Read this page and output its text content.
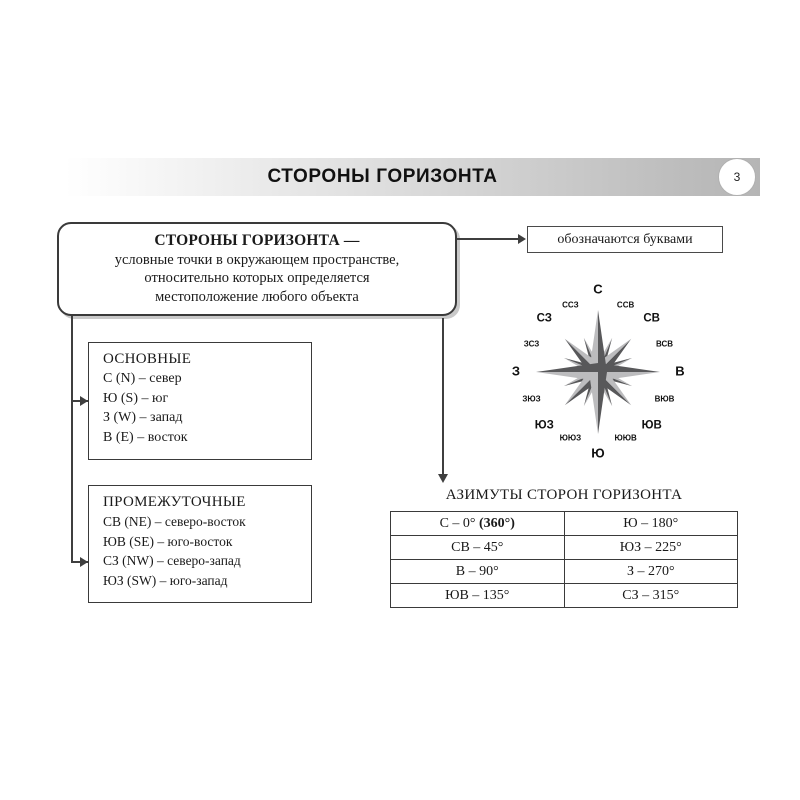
СТОРОНЫ ГОРИЗОНТА	3
СТОРОНЫ ГОРИЗОНТА —
условные точки в окружающем пространстве,
относительно которых определяется
местоположение любого объекта
обозначаются буквами
ОСНОВНЫЕ
С (N) – север
Ю (S) – юг
З (W) – запад
В (E) – восток
ПРОМЕЖУТОЧНЫЕ
СВ (NE) – северо-восток
ЮВ (SE) – юго-восток
СЗ (NW) – северо-запад
ЮЗ (SW) – юго-запад
С
В
Ю
З
СВ
ЮВ
ЮЗ
СЗ
ССВ
ВСВ
ВЮВ
ЮЮВ
ЮЮЗ
ЗЮЗ
ЗСЗ
ССЗ
АЗИМУТЫ СТОРОН ГОРИЗОНТА
С – 0° (360°)	Ю – 180°
СВ – 45°	ЮЗ – 225°
В – 90°	З – 270°
ЮВ – 135°	СЗ – 315°
